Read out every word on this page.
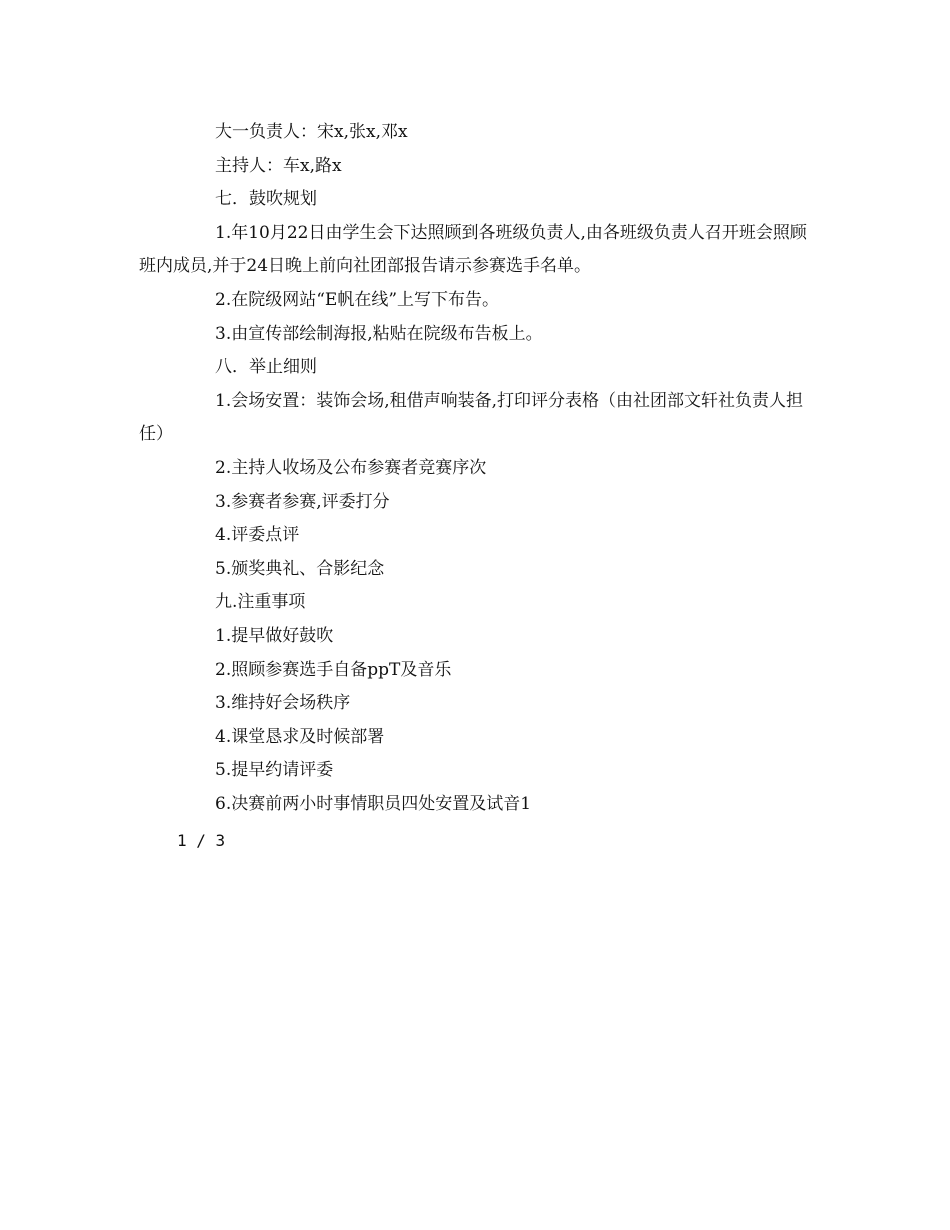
大一负责人：宋x,张x,邓x

主持人：车x,路x

七．鼓吹规划

1.年10月22日由学生会下达照顾到各班级负责人,由各班级负责人召开班会照顾班内成员,并于24日晚上前向社团部报告请示参赛选手名单。

2.在院级网站“E帆在线”上写下布告。

3.由宣传部绘制海报,粘贴在院级布告板上。

八．举止细则

1.会场安置：装饰会场,租借声响装备,打印评分表格（由社团部文轩社负责人担任）

2.主持人收场及公布参赛者竞赛序次

3.参赛者参赛,评委打分

4.评委点评

5.颁奖典礼、合影纪念

九.注重事项

1.提早做好鼓吹

2.照顾参赛选手自备ppT及音乐

3.维持好会场秩序

4.课堂恳求及时候部署

5.提早约请评委

6.决赛前两小时事情职员四处安置及试音1

1 / 3
